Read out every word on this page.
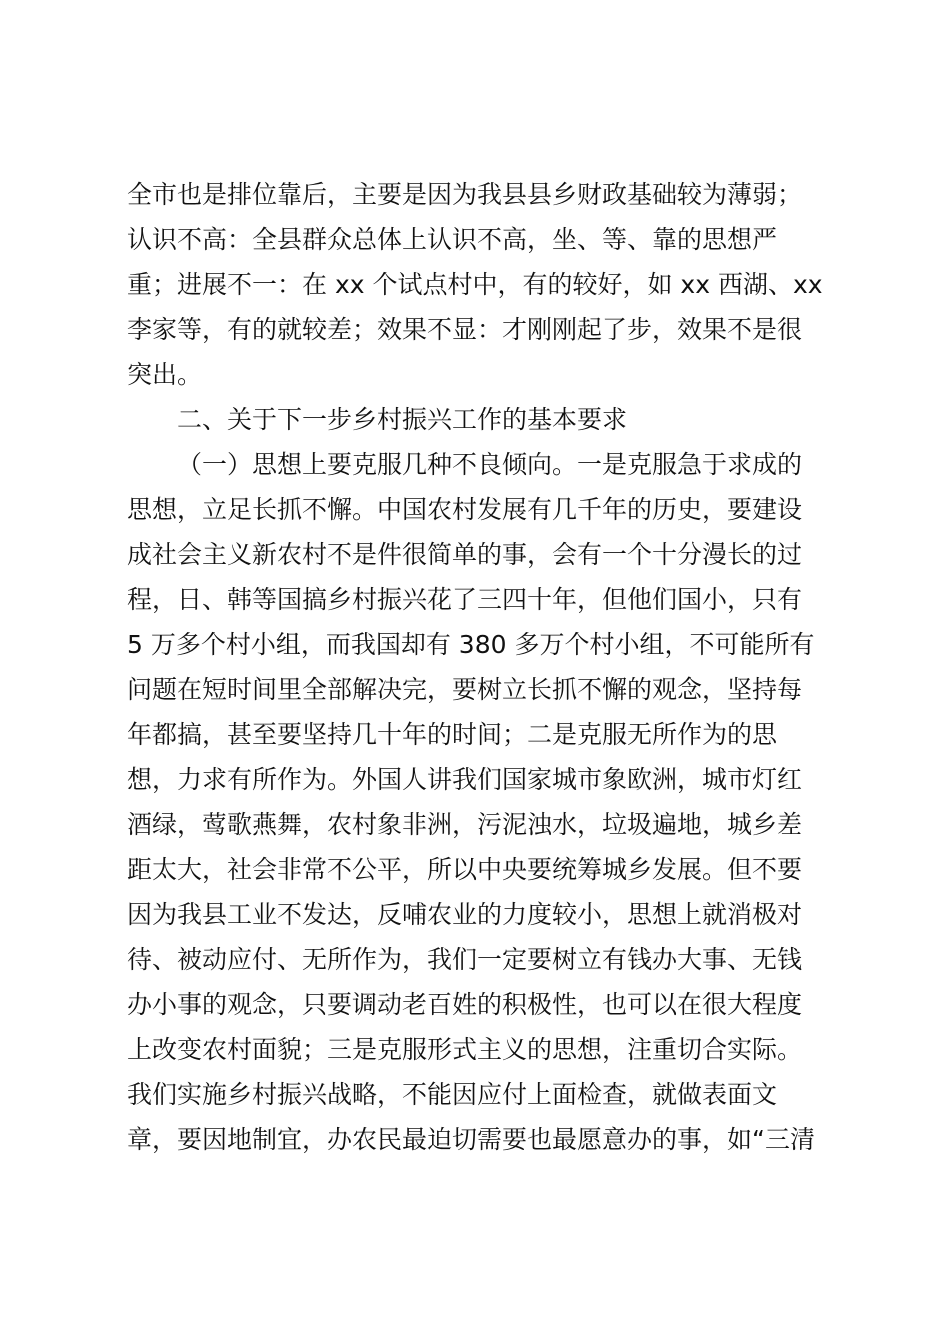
全市也是排位靠后，主要是因为我县县乡财政基础较为薄弱；
认识不高：全县群众总体上认识不高，坐、等、靠的思想严
重；进展不一：在 xx 个试点村中，有的较好，如 xx 西湖、xx
李家等，有的就较差；效果不显：才刚刚起了步，效果不是很
突出。
二、关于下一步乡村振兴工作的基本要求
（一）思想上要克服几种不良倾向。一是克服急于求成的
思想，立足长抓不懈。中国农村发展有几千年的历史，要建设
成社会主义新农村不是件很简单的事，会有一个十分漫长的过
程，日、韩等国搞乡村振兴花了三四十年，但他们国小，只有
5 万多个村小组，而我国却有 380 多万个村小组，不可能所有
问题在短时间里全部解决完，要树立长抓不懈的观念，坚持每
年都搞，甚至要坚持几十年的时间；二是克服无所作为的思
想，力求有所作为。外国人讲我们国家城市象欧洲，城市灯红
酒绿，莺歌燕舞，农村象非洲，污泥浊水，垃圾遍地，城乡差
距太大，社会非常不公平，所以中央要统筹城乡发展。但不要
因为我县工业不发达，反哺农业的力度较小，思想上就消极对
待、被动应付、无所作为，我们一定要树立有钱办大事、无钱
办小事的观念，只要调动老百姓的积极性，也可以在很大程度
上改变农村面貌；三是克服形式主义的思想，注重切合实际。
我们实施乡村振兴战略，不能因应付上面检查，就做表面文
章，要因地制宜，办农民最迫切需要也最愿意办的事，如“三清
